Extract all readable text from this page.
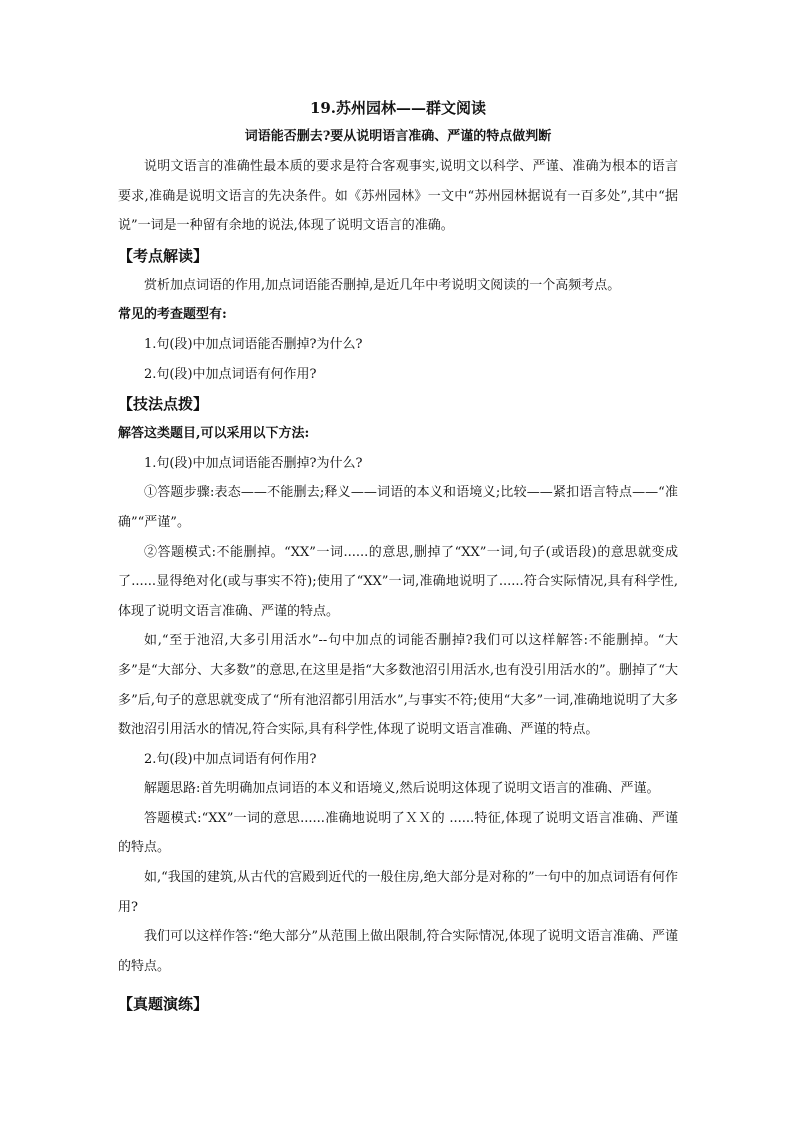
19.苏州园林——群文阅读
词语能否删去?要从说明语言准确、严谨的特点做判断

说明文语言的准确性最本质的要求是符合客观事实,说明文以科学、严谨、准确为根本的语言要求,准确是说明文语言的先决条件。如《苏州园林》一文中“苏州园林据说有一百多处”,其中“据说”一词是一种留有余地的说法,体现了说明文语言的准确。

【考点解读】

赏析加点词语的作用,加点词语能否删掉,是近几年中考说明文阅读的一个高频考点。

常见的考查题型有:

1.句(段)中加点词语能否删掉?为什么?

2.句(段)中加点词语有何作用?

【技法点拨】

解答这类题目,可以采用以下方法:

1.句(段)中加点词语能否删掉?为什么?

①答题步骤:表态——不能删去;释义——词语的本义和语境义;比较——紧扣语言特点——“准确”“严谨”。

②答题模式:不能删掉。“XX”一词......的意思,删掉了“XX”一词,句子(或语段)的意思就变成了......显得绝对化(或与事实不符);使用了“XX”一词,准确地说明了......符合实际情况,具有科学性,体现了说明文语言准确、严谨的特点。

如,“至于池沼,大多引用活水”--句中加点的词能否删掉?我们可以这样解答:不能删掉。“大多”是“大部分、大多数”的意思,在这里是指“大多数池沼引用活水,也有没引用活水的”。删掉了“大多”后,句子的意思就变成了“所有池沼都引用活水”,与事实不符;使用“大多”一词,准确地说明了大多数池沼引用活水的情况,符合实际,具有科学性,体现了说明文语言准确、严谨的特点。

2.句(段)中加点词语有何作用?

解题思路:首先明确加点词语的本义和语境义,然后说明这体现了说明文语言的准确、严谨。

答题模式:“XX”一词的意思......准确地说明了ＸＸ的 ......特征,体现了说明文语言准确、严谨的特点。

如,“我国的建筑,从古代的宫殿到近代的一般住房,绝大部分是对称的”一句中的加点词语有何作用?

我们可以这样作答:“绝大部分”从范围上做出限制,符合实际情况,体现了说明文语言准确、严谨的特点。

【真题演练】
